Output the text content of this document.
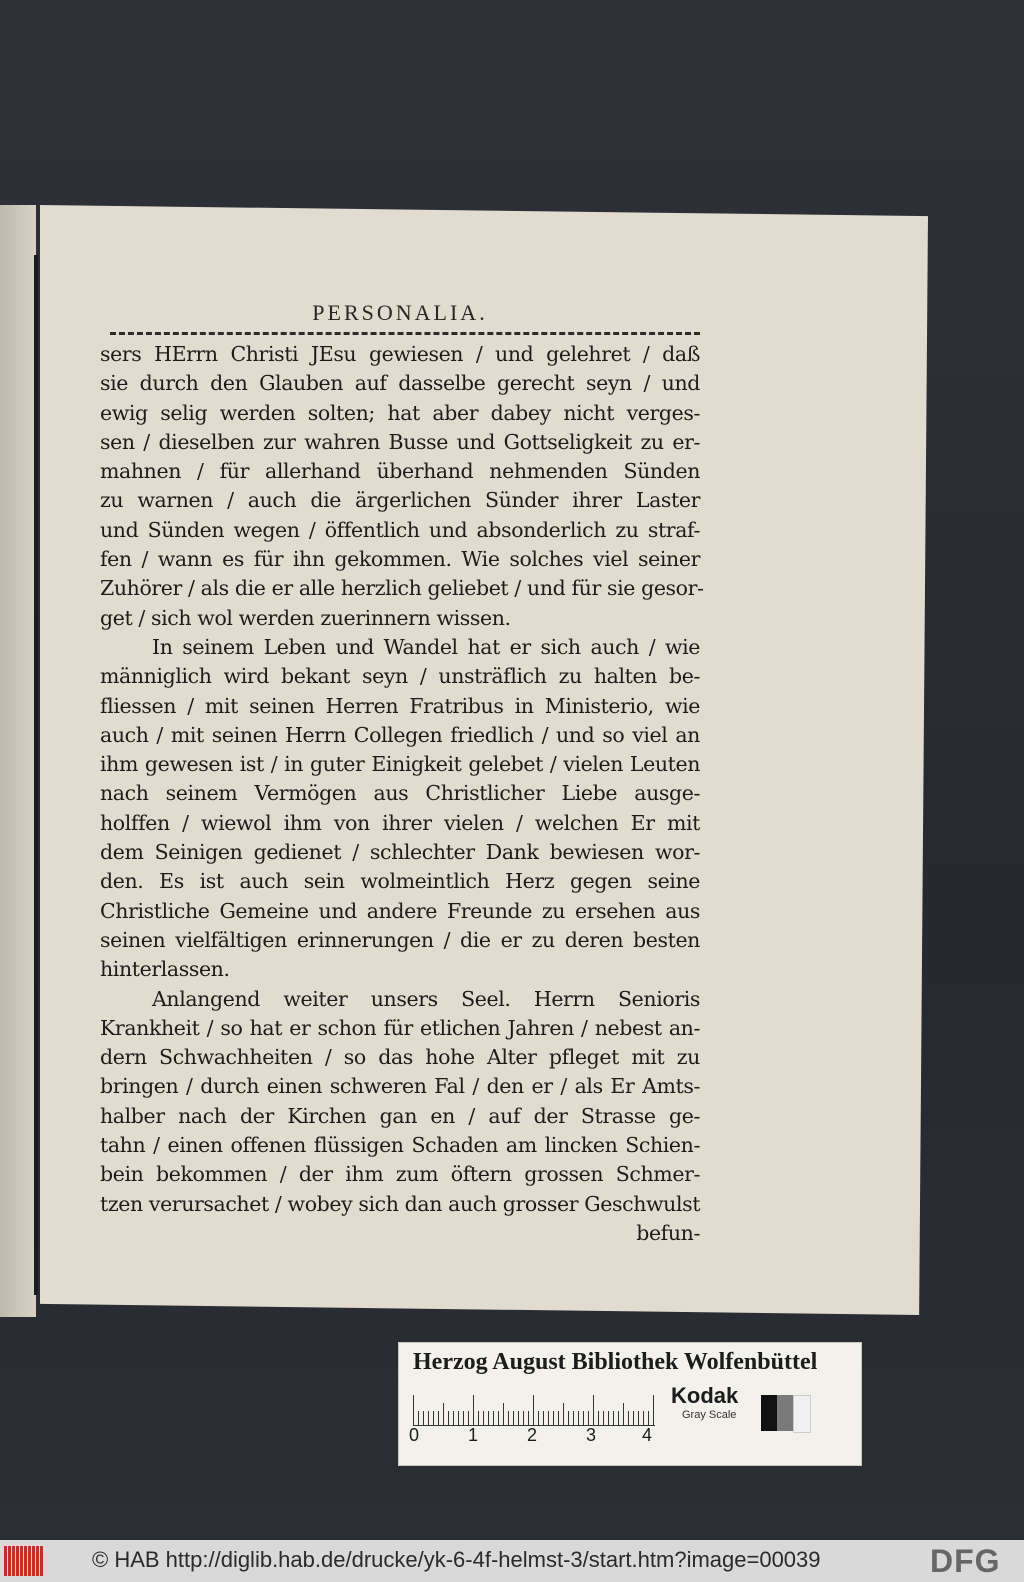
PERSONALIA.
sers HErrn Christi JEsu gewiesen / und gelehret / daß
sie durch den Glauben auf dasselbe gerecht seyn / und
ewig selig werden solten; hat aber dabey nicht verges-
sen / dieselben zur wahren Busse und Gottseligkeit zu er-
mahnen / für allerhand überhand nehmenden Sünden
zu warnen / auch die ärgerlichen Sünder ihrer Laster
und Sünden wegen / öffentlich und absonderlich zu straf-
fen / wann es für ihn gekommen. Wie solches viel seiner
Zuhörer / als die er alle herzlich geliebet / und für sie gesor-
get / sich wol werden zuerinnern wissen.
In seinem Leben und Wandel hat er sich auch / wie
männiglich wird bekant seyn / unsträflich zu halten be-
fliessen / mit seinen Herren Fratribus in Ministerio, wie
auch / mit seinen Herrn Collegen friedlich / und so viel an
ihm gewesen ist / in guter Einigkeit gelebet / vielen Leuten
nach seinem Vermögen aus Christlicher Liebe ausge-
holffen / wiewol ihm von ihrer vielen / welchen Er mit
dem Seinigen gedienet / schlechter Dank bewiesen wor-
den. Es ist auch sein wolmeintlich Herz gegen seine
Christliche Gemeine und andere Freunde zu ersehen aus
seinen vielfältigen erinnerungen / die er zu deren besten
hinterlassen.
Anlangend weiter unsers Seel. Herrn Senioris
Krankheit / so hat er schon für etlichen Jahren / nebest an-
dern Schwachheiten / so das hohe Alter pfleget mit zu
bringen / durch einen schweren Fal / den er / als Er Amts-
halber nach der Kirchen gan en / auf der Strasse ge-
tahn / einen offenen flüssigen Schaden am lincken Schien-
bein bekommen / der ihm zum öftern grossen Schmer-
tzen verursachet / wobey sich dan auch grosser Geschwulst
befun-
Herzog August Bibliothek Wolfenbüttel
0	1	2	3	4
Kodak
Gray Scale
© HAB http://diglib.hab.de/drucke/yk-6-4f-helmst-3/start.htm?image=00039	DFG
